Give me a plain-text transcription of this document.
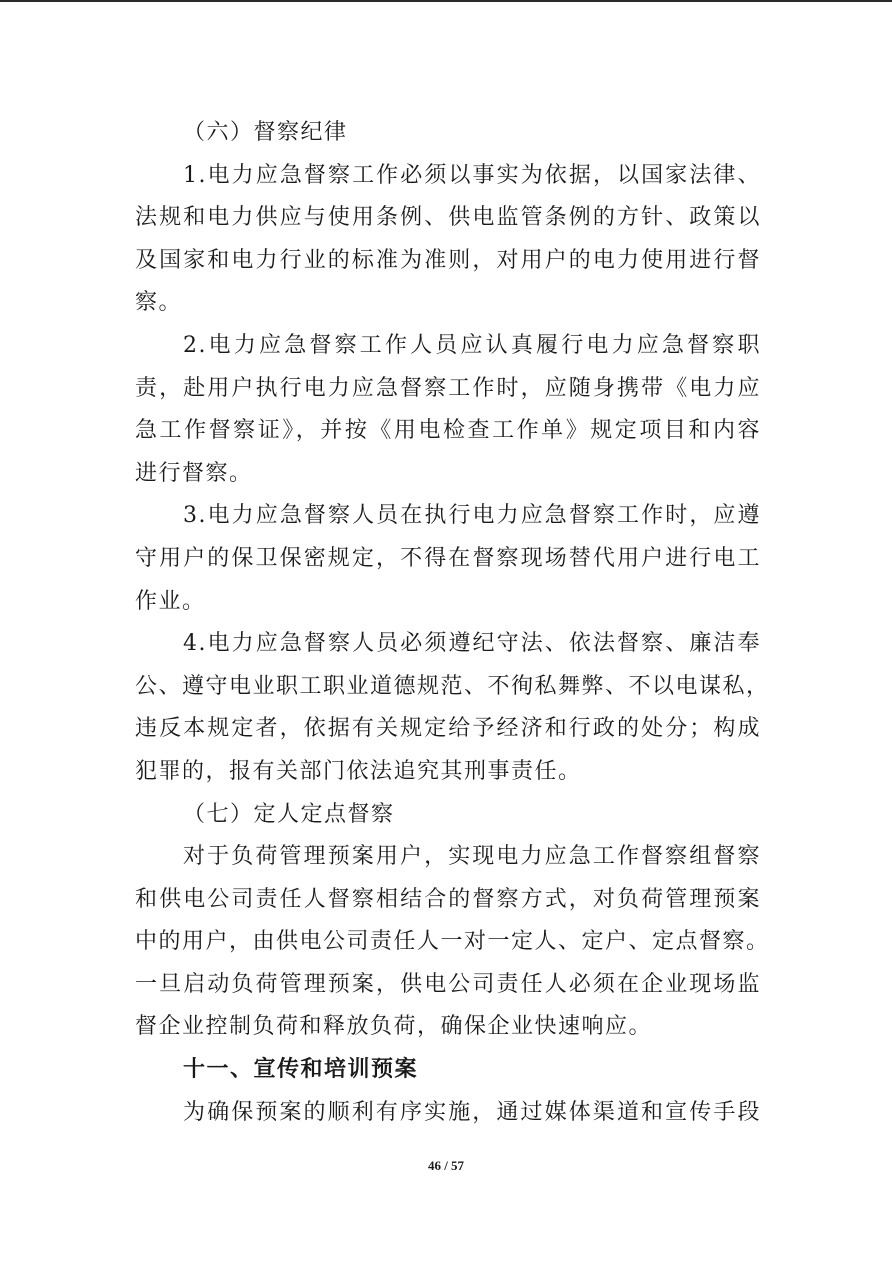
（六）督察纪律
1.电力应急督察工作必须以事实为依据，以国家法律、
法规和电力供应与使用条例、供电监管条例的方针、政策以
及国家和电力行业的标准为准则，对用户的电力使用进行督
察。
2.电力应急督察工作人员应认真履行电力应急督察职
责，赴用户执行电力应急督察工作时，应随身携带《电力应
急工作督察证》，并按《用电检查工作单》规定项目和内容
进行督察。
3.电力应急督察人员在执行电力应急督察工作时，应遵
守用户的保卫保密规定，不得在督察现场替代用户进行电工
作业。
4.电力应急督察人员必须遵纪守法、依法督察、廉洁奉
公、遵守电业职工职业道德规范、不徇私舞弊、不以电谋私，
违反本规定者，依据有关规定给予经济和行政的处分；构成
犯罪的，报有关部门依法追究其刑事责任。
（七）定人定点督察
对于负荷管理预案用户，实现电力应急工作督察组督察
和供电公司责任人督察相结合的督察方式，对负荷管理预案
中的用户，由供电公司责任人一对一定人、定户、定点督察。
一旦启动负荷管理预案，供电公司责任人必须在企业现场监
督企业控制负荷和释放负荷，确保企业快速响应。
十一、宣传和培训预案
为确保预案的顺利有序实施，通过媒体渠道和宣传手段
46 / 57
